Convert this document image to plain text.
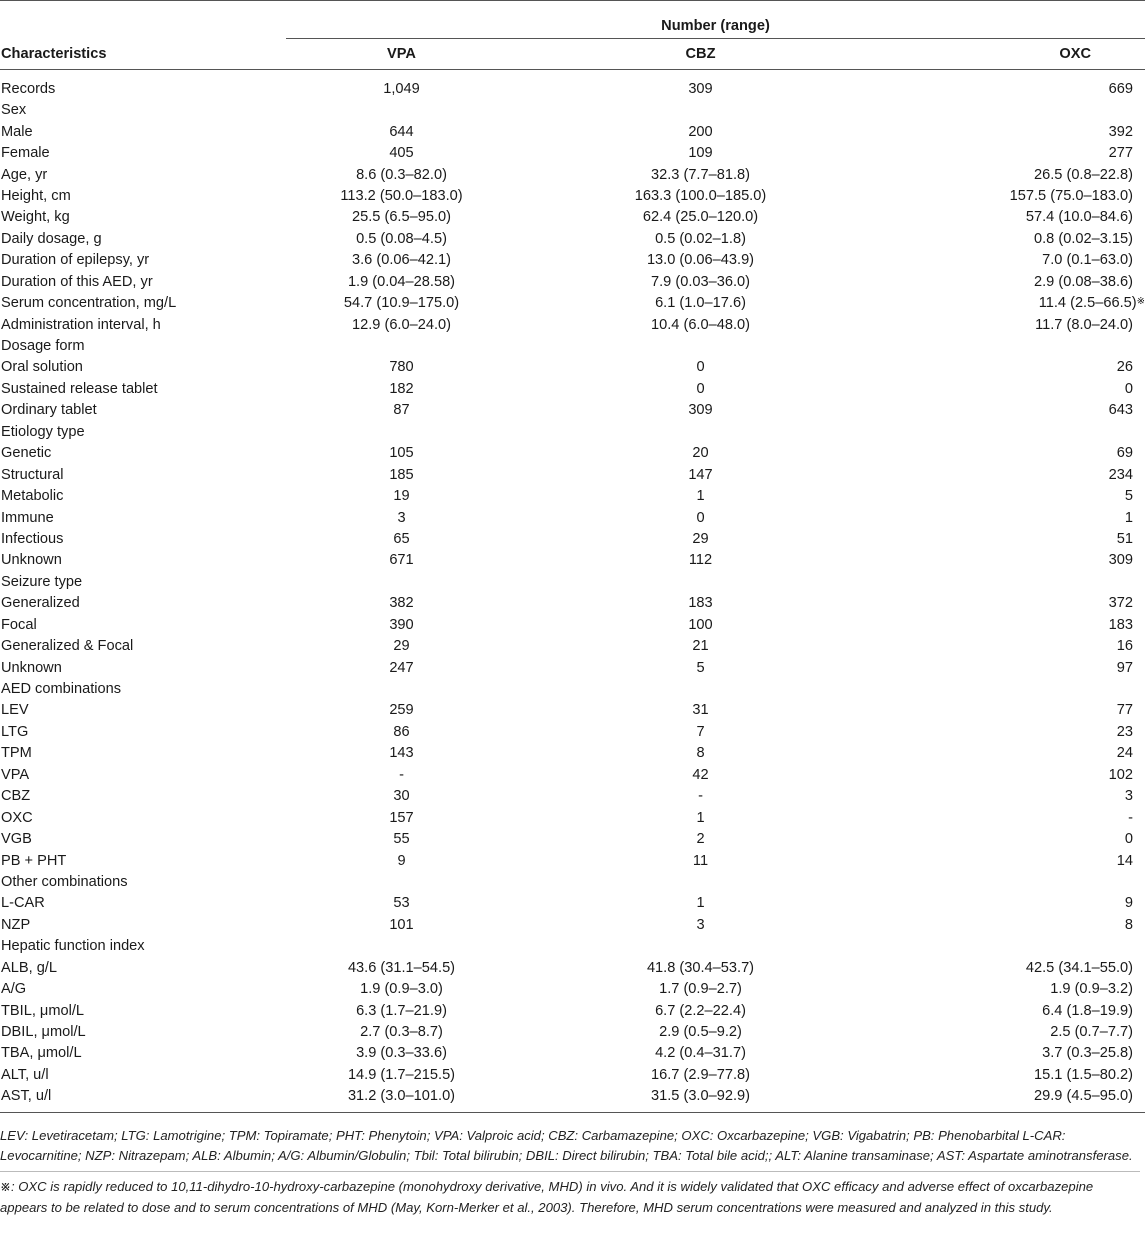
	Number (range)		
Characteristics	VPA	CBZ	OXC
Records	1,049	309	669
Sex			
Male	644	200	392
Female	405	109	277
Age, yr	8.6 (0.3–82.0)	32.3 (7.7–81.8)	26.5 (0.8–22.8)
Height, cm	113.2 (50.0–183.0)	163.3 (100.0–185.0)	157.5 (75.0–183.0)
Weight, kg	25.5 (6.5–95.0)	62.4 (25.0–120.0)	57.4 (10.0–84.6)
Daily dosage, g	0.5 (0.08–4.5)	0.5 (0.02–1.8)	0.8 (0.02–3.15)
Duration of epilepsy, yr	3.6 (0.06–42.1)	13.0 (0.06–43.9)	7.0 (0.1–63.0)
Duration of this AED, yr	1.9 (0.04–28.58)	7.9 (0.03–36.0)	2.9 (0.08–38.6)
Serum concentration, mg/L	54.7 (10.9–175.0)	6.1 (1.0–17.6)	11.4 (2.5–66.5)※
Administration interval, h	12.9 (6.0–24.0)	10.4 (6.0–48.0)	11.7 (8.0–24.0)
Dosage form			
Oral solution	780	0	26
Sustained release tablet	182	0	0
Ordinary tablet	87	309	643
Etiology type			
Genetic	105	20	69
Structural	185	147	234
Metabolic	19	1	5
Immune	3	0	1
Infectious	65	29	51
Unknown	671	112	309
Seizure type			
Generalized	382	183	372
Focal	390	100	183
Generalized & Focal	29	21	16
Unknown	247	5	97
AED combinations			
LEV	259	31	77
LTG	86	7	23
TPM	143	8	24
VPA	-	42	102
CBZ	30	-	3
OXC	157	1	-
VGB	55	2	0
PB + PHT	9	11	14
Other combinations			
L-CAR	53	1	9
NZP	101	3	8
Hepatic function index			
ALB, g/L	43.6 (31.1–54.5)	41.8 (30.4–53.7)	42.5 (34.1–55.0)
A/G	1.9 (0.9–3.0)	1.7 (0.9–2.7)	1.9 (0.9–3.2)
TBIL, μmol/L	6.3 (1.7–21.9)	6.7 (2.2–22.4)	6.4 (1.8–19.9)
DBIL, μmol/L	2.7 (0.3–8.7)	2.9 (0.5–9.2)	2.5 (0.7–7.7)
TBA, μmol/L	3.9 (0.3–33.6)	4.2 (0.4–31.7)	3.7 (0.3–25.8)
ALT, u/l	14.9 (1.7–215.5)	16.7 (2.9–77.8)	15.1 (1.5–80.2)
AST, u/l	31.2 (3.0–101.0)	31.5 (3.0–92.9)	29.9 (4.5–95.0)

LEV: Levetiracetam; LTG: Lamotrigine; TPM: Topiramate; PHT: Phenytoin; VPA: Valproic acid; CBZ: Carbamazepine; OXC: Oxcarbazepine; VGB: Vigabatrin; PB: Phenobarbital L-CAR: Levocarnitine; NZP: Nitrazepam; ALB: Albumin; A/G: Albumin/Globulin; Tbil: Total bilirubin; DBIL: Direct bilirubin; TBA: Total bile acid;; ALT: Alanine transaminase; AST: Aspartate aminotransferase.

※: OXC is rapidly reduced to 10,11-dihydro-10-hydroxy-carbazepine (monohydroxy derivative, MHD) in vivo. And it is widely validated that OXC efficacy and adverse effect of oxcarbazepine appears to be related to dose and to serum concentrations of MHD (May, Korn-Merker et al., 2003). Therefore, MHD serum concentrations were measured and analyzed in this study.
